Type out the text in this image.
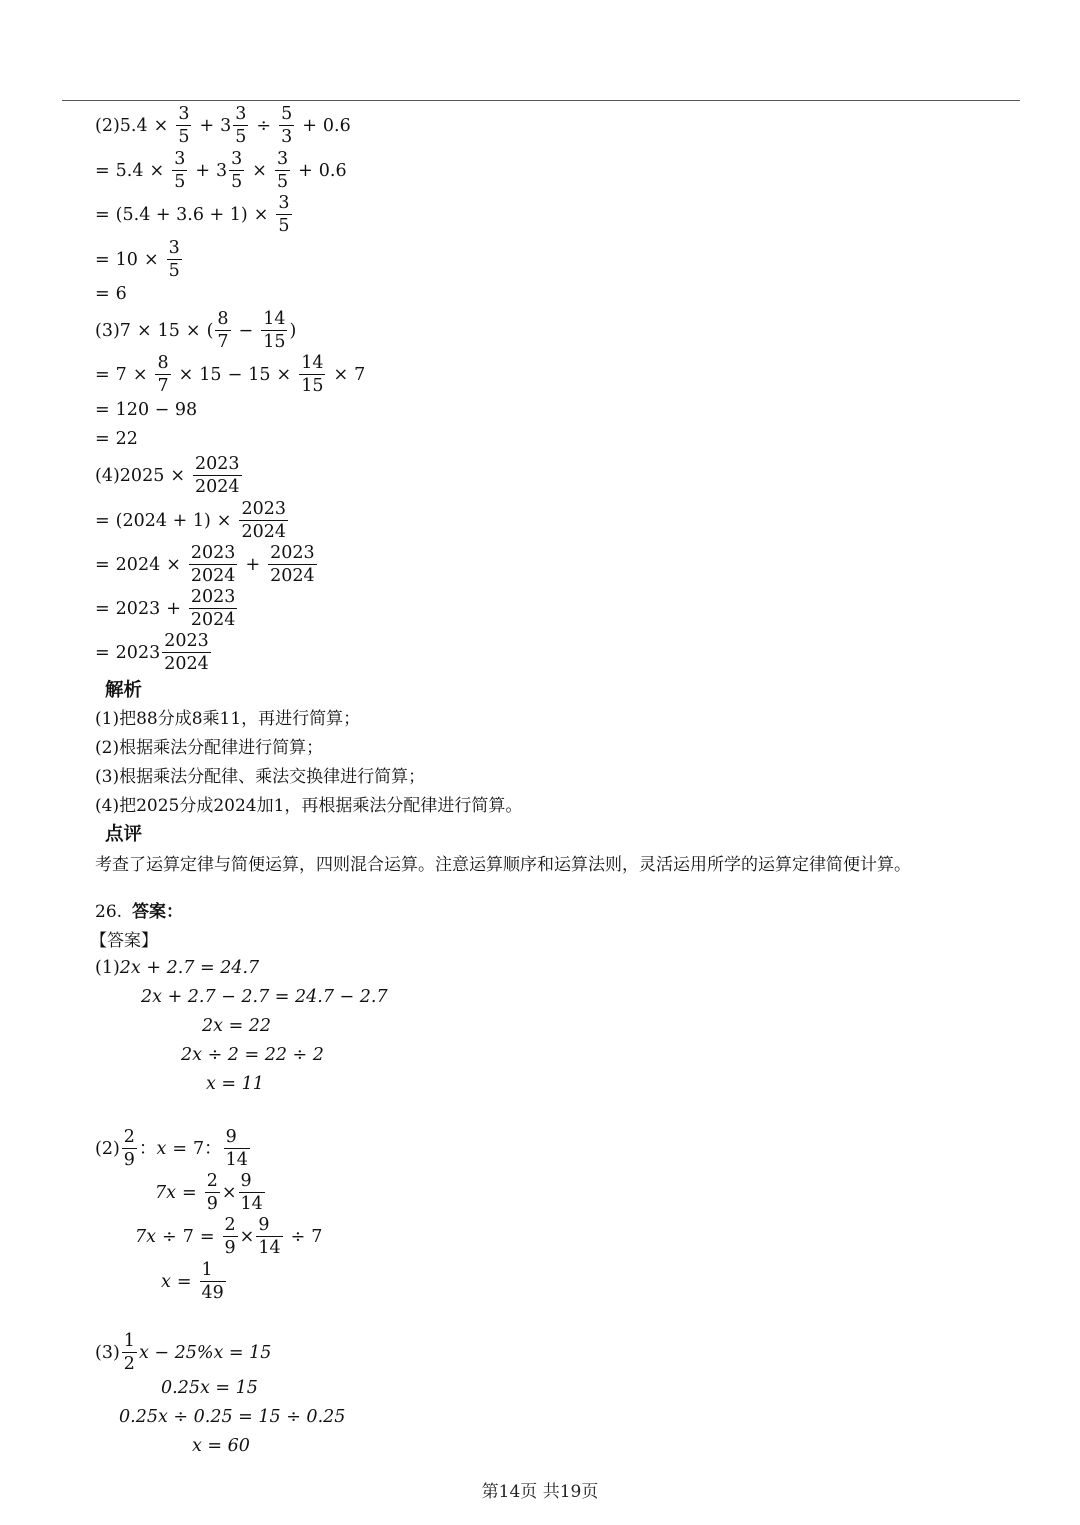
(2) $5.4 \times \frac{3}{5} + 3 \frac{3}{5} \div \frac{5}{3} + 0.6$
= $5.4 \times \frac{3}{5} + 3 \frac{3}{5} \times \frac{3}{5} + 0.6$
= ( 5.4 + 3.6 + 1 ) × $\frac{3}{5}$
= $10 \times \frac{3}{5}$
= 6
(3) 7 × 15 × (
8
7
− $\frac{14}{15}$ )
= $7 \times \frac{8}{7} \times 15 - 15 \times \frac{14}{15} \times 7$
= 120 − 98
= 22
(4) $2025 \times \frac{2023}{2024}$
= $(2024 + 1) \times \frac{2023}{2024}$
= $2024 \times \frac{2023}{2024} + \frac{2023}{2024}$
= $2023 + \frac{2023}{2024}$
= 2023
2023
2024
解析
(1)把88分成8乘11，再进行简算；
(2)根据乘法分配律进行简算；
(3)根据乘法分配律、乘法交换律进行简算；
(4)把2025分成2024加1，再根据乘法分配律进行简算。
点评
考查了运算定律与简便运算，四则混合运算。注意运算顺序和运算法则，灵活运用所学的运算定律简便计算。
26. 答案：
【答案】
(1) 2x + 2.7 = 24.7
2x + 2.7 − 2.7 = 24.7 − 2.7
2x = 22
2x ÷ 2 = 22 ÷ 2
x = 11
(2)
2
9
： x = 7 ：
9
14
$7x = \frac{2}{9} \times \frac{9}{14}$
$7x \div 7 = \frac{2}{9} \times \frac{9}{14} \div 7$
$x = \frac{1}{49}$
(3)
1
2
x − 25%x = 15
0.25x = 15
0.25x ÷ 0.25 = 15 ÷ 0.25
x = 60
第14页 共19页
